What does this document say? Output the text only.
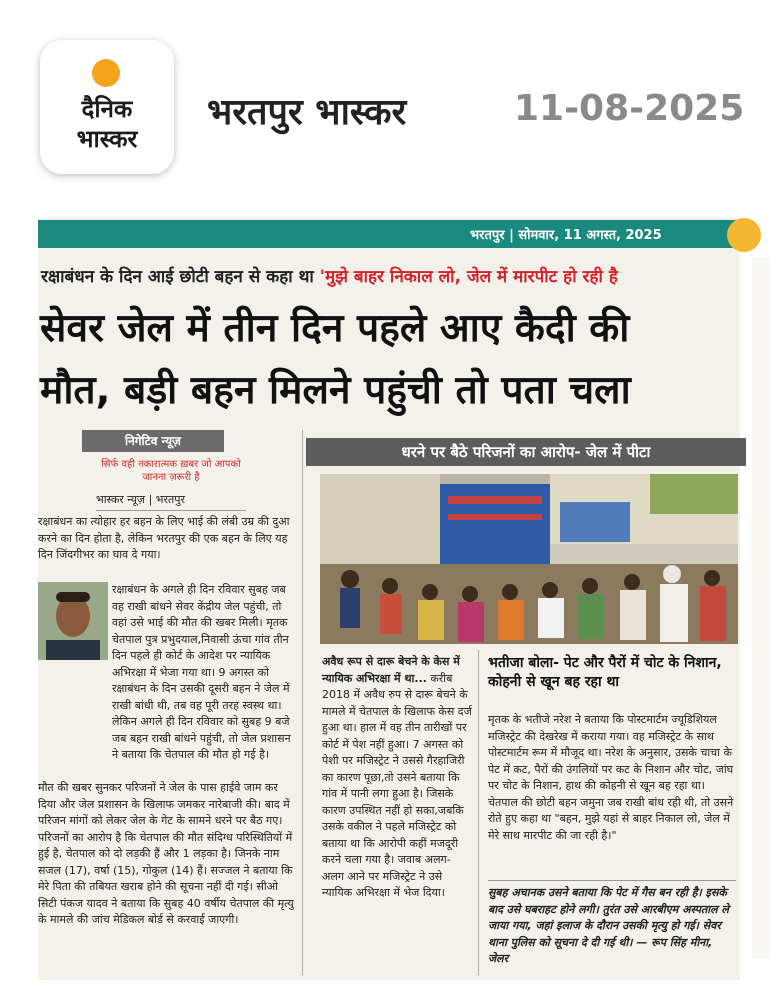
दैनिक
भास्कर
भरतपुर भास्कर	11-08-2025
भरतपुर | सोमवार, 11 अगस्त, 2025
रक्षाबंधन के दिन आई छोटी बहन से कहा था 'मुझे बाहर निकाल लो, जेल में मारपीट हो रही है
सेवर जेल में तीन दिन पहले आए कैदी की
मौत, बड़ी बहन मिलने पहुंची तो पता चला
निगेटिव न्यूज़
सिर्फ वही नकारात्मक ख़बर जो आपको जानना ज़रूरी है
भास्कर न्यूज़ | भरतपुर
धरने पर बैठे परिजनों का आरोप- जेल में पीटा

रक्षाबंधन का त्योहार हर बहन के लिए भाई की लंबी उम्र की दुआ करने का दिन होता है, लेकिन भरतपुर की एक बहन के लिए यह दिन जिंदगीभर का घाव दे गया।

रक्षाबंधन के अगले ही दिन रविवार सुबह जब वह राखी बांधने सेवर केंद्रीय जेल पहुंची, तो वहां उसे भाई की मौत की खबर मिली। मृतक चेतपाल पुत्र प्रभुदयाल,निवासी ऊंचा गांव तीन दिन पहले ही कोर्ट के आदेश पर न्यायिक अभिरक्षा में भेजा गया था। 9 अगस्त को रक्षाबंधन के दिन उसकी दूसरी बहन ने जेल में राखी बांधी थी, तब वह पूरी तरह स्वस्थ था। लेकिन अगले ही दिन रविवार को सुबह 9 बजे जब बहन राखी बांधने पहुंची, तो जेल प्रशासन ने बताया कि चेतपाल की मौत हो गई है।

मौत की खबर सुनकर परिजनों ने जेल के पास हाईवे जाम कर दिया और जेल प्रशासन के खिलाफ जमकर नारेबाजी की। बाद में परिजन मांगों को लेकर जेल के गेट के सामने धरने पर बैठ गए। परिजनों का आरोप है कि चेतपाल की मौत संदिग्ध परिस्थितियों में हुई है, चेतपाल को दो लड़की हैं और 1 लड़का है। जिनके नाम सजल (17), वर्षा (15), गोकुल (14) हैं। सज्जल ने बताया कि मेरे पिता की तबियत खराब होने की सूचना नहीं दी गई। सीओ सिटी पंकज यादव ने बताया कि सुबह 40 वर्षीय चेतपाल की मृत्यु के मामले की जांच मेडिकल बोर्ड से करवाई जाएगी।

अवैध रूप से दारू बेचने के केस में न्यायिक अभिरक्षा में था... करीब 2018 में अवैध रुप से दारू बेचने के मामले में चेतपाल के खिलाफ केस दर्ज हुआ था। हाल में वह तीन तारीखों पर कोर्ट में पेश नहीं हुआ। 7 अगस्त को पेशी पर मजिस्ट्रेट ने उससे गैरहाजिरी का कारण पूछा,तो उसने बताया कि गांव में पानी लगा हुआ है। जिसके कारण उपस्थित नहीं हो सका,जबकि उसके वकील ने पहले मजिस्ट्रेट को बताया था कि आरोपी कहीं मजदूरी करने चला गया है। जवाब अलग-अलग आने पर मजिस्ट्रेट ने उसे न्यायिक अभिरक्षा में भेज दिया।

भतीजा बोला- पेट और पैरों में चोट के निशान, कोहनी से खून बह रहा था

मृतक के भतीजे नरेश ने बताया कि पोस्टमार्टम ज्यूडिशियल मजिस्ट्रेट की देखरेख में कराया गया। वह मजिस्ट्रेट के साथ पोस्टमार्टम रूम में मौजूद था। नरेश के अनुसार, उसके चाचा के पेट में कट, पैरों की उंगलियों पर कट के निशान और चोट, जांघ पर चोट के निशान, हाथ की कोहनी से खून बह रहा था। चेतपाल की छोटी बहन जमुना जब राखी बांध रही थी, तो उसने रोते हुए कहा था "बहन, मुझे यहां से बाहर निकाल लो, जेल में मेरे साथ मारपीट की जा रही है।"

सुबह अचानक उसने बताया कि पेट में गैस बन रही है। इसके बाद उसे घबराहट होने लगी। तुरंत उसे आरबीएम अस्पताल ले जाया गया, जहां इलाज के दौरान उसकी मृत्यु हो गई। सेवर थाना पुलिस को सूचना दे दी गई थी। — रूप सिंह मीना, जेलर
